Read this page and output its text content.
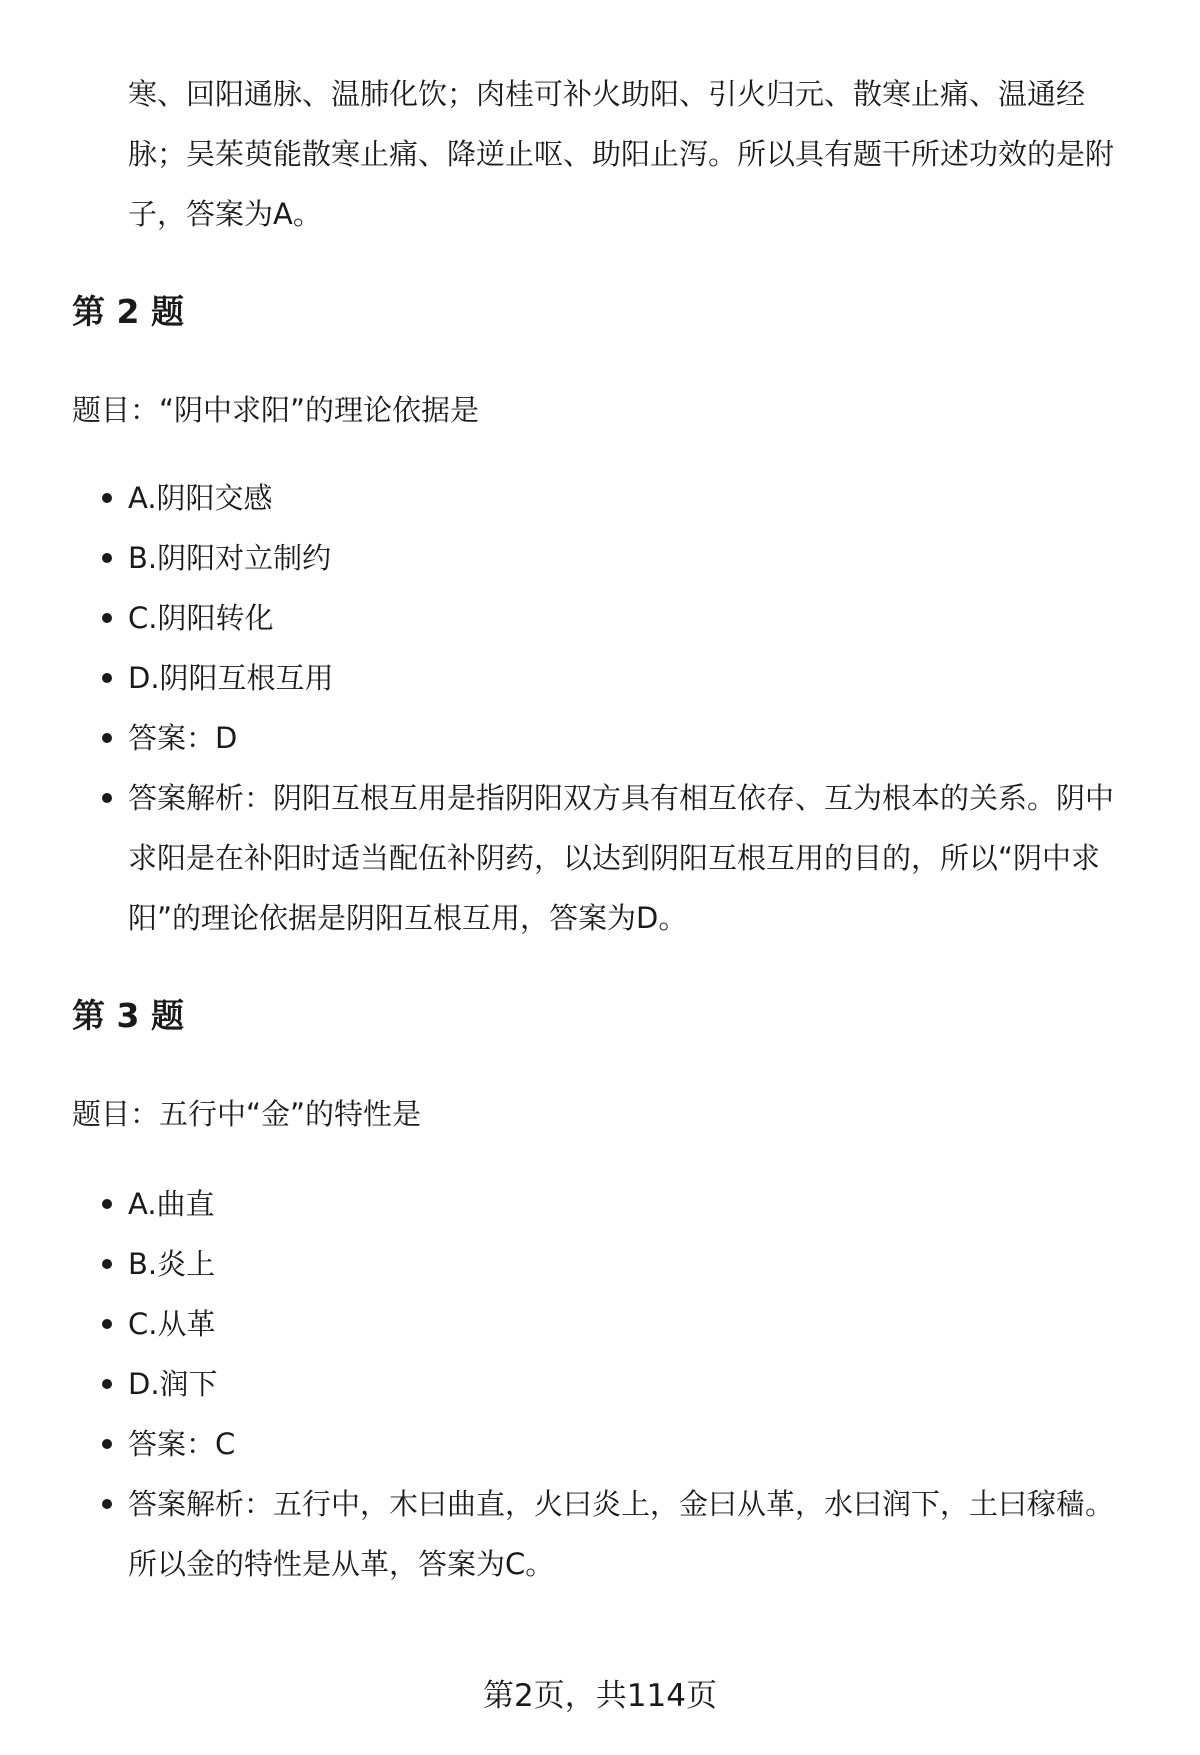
寒、回阳通脉、温肺化饮；肉桂可补火助阳、引火归元、散寒止痛、温通经脉；吴茱萸能散寒止痛、降逆止呕、助阳止泻。所以具有题干所述功效的是附子，答案为A。

第 2 题

题目：“阴中求阳”的理论依据是

A.阴阳交感
B.阴阳对立制约
C.阴阳转化
D.阴阳互根互用
答案：D
答案解析：阴阳互根互用是指阴阳双方具有相互依存、互为根本的关系。阴中求阳是在补阳时适当配伍补阴药，以达到阴阳互根互用的目的，所以“阴中求阳”的理论依据是阴阳互根互用，答案为D。
第 3 题

题目：五行中“金”的特性是

A.曲直
B.炎上
C.从革
D.润下
答案：C
答案解析：五行中，木曰曲直，火曰炎上，金曰从革，水曰润下，土曰稼穑。所以金的特性是从革，答案为C。
第2页，共114页
